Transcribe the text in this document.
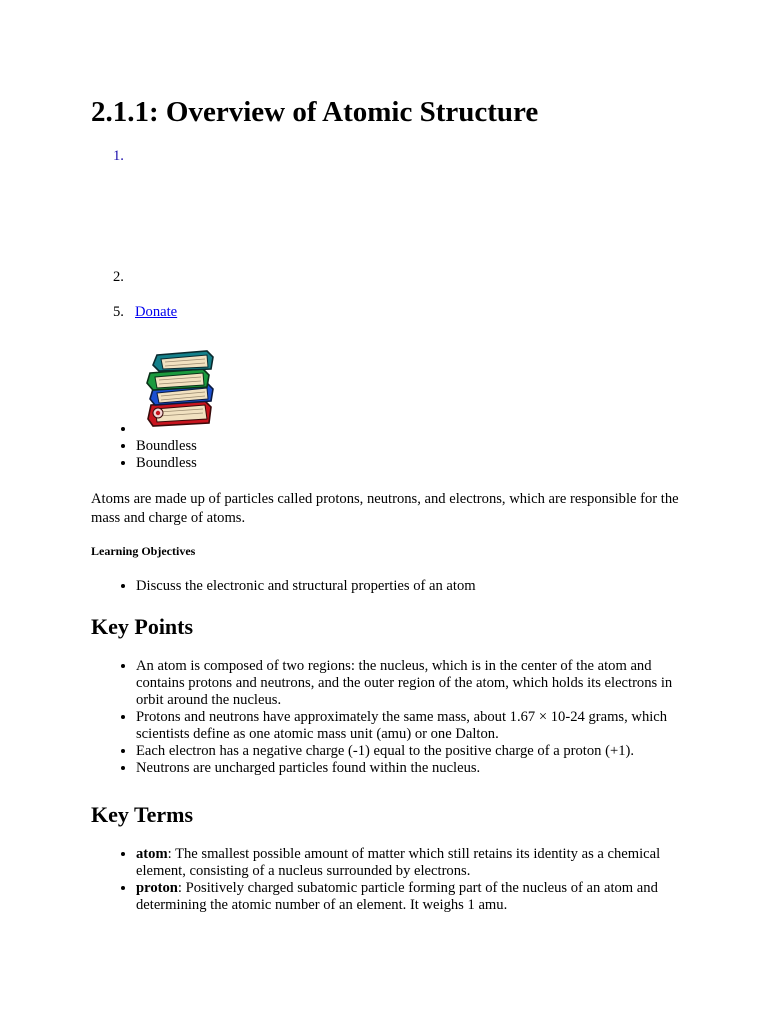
2.1.1: Overview of Atomic Structure
1.
2.
5. Donate
•
• Boundless
• Boundless

Atoms are made up of particles called protons, neutrons, and electrons, which are responsible for the mass and charge of atoms.

Learning Objectives
• Discuss the electronic and structural properties of an atom
Key Points
• An atom is composed of two regions: the nucleus, which is in the center of the atom and contains protons and neutrons, and the outer region of the atom, which holds its electrons in orbit around the nucleus.
• Protons and neutrons have approximately the same mass, about 1.67 × 10-24 grams, which scientists define as one atomic mass unit (amu) or one Dalton.
• Each electron has a negative charge (-1) equal to the positive charge of a proton (+1).
• Neutrons are uncharged particles found within the nucleus.
Key Terms
• atom: The smallest possible amount of matter which still retains its identity as a chemical element, consisting of a nucleus surrounded by electrons.
• proton: Positively charged subatomic particle forming part of the nucleus of an atom and determining the atomic number of an element. It weighs 1 amu.
